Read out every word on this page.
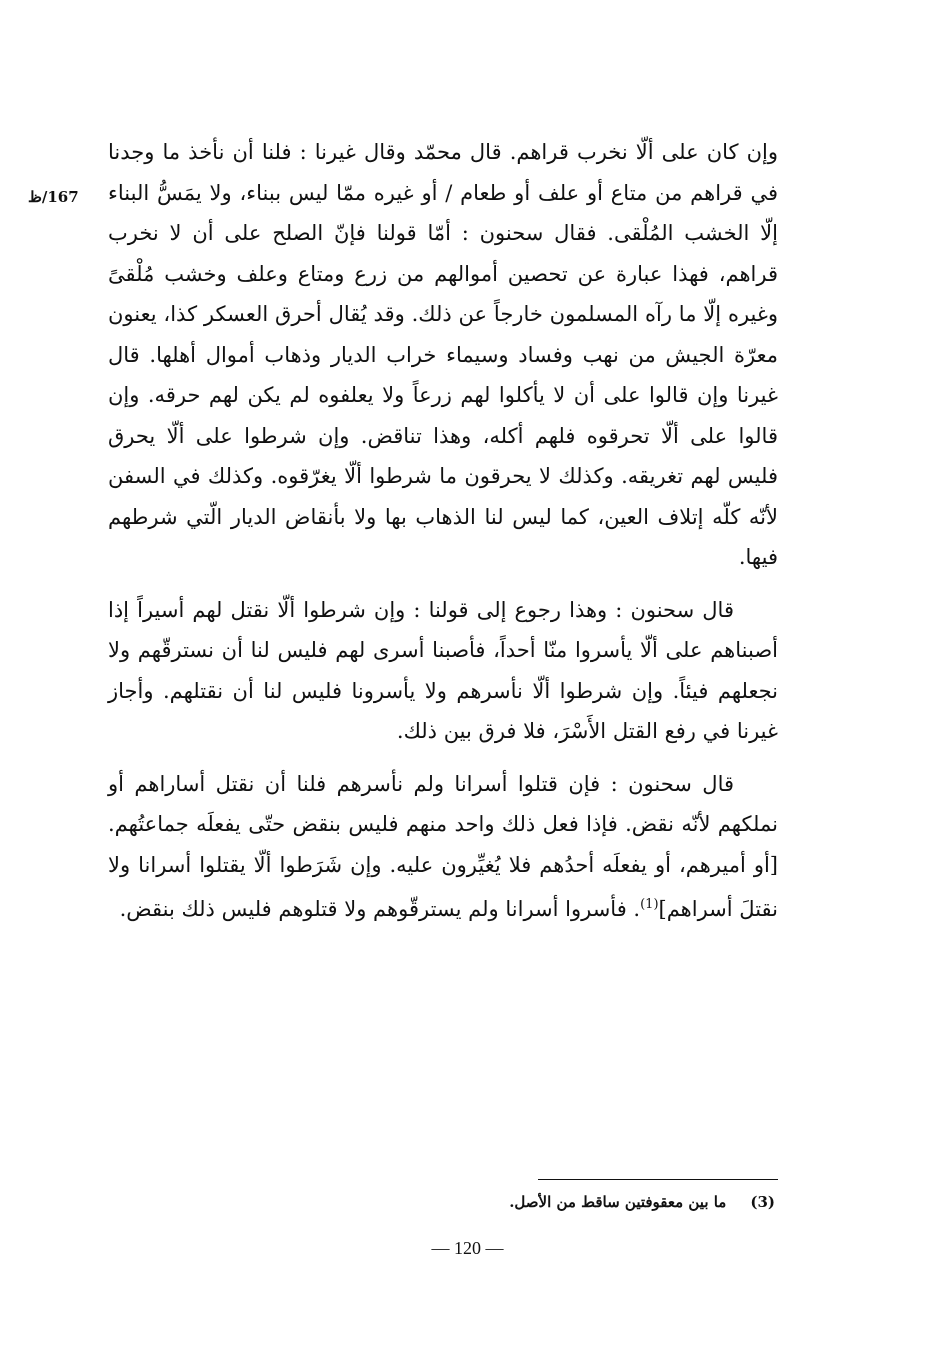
167/ظ

وإن كان على ألّا نخرب قراهم. قال محمّد وقال غيرنا : فلنا أن نأخذ ما وجدنا في قراهم من متاع أو علف أو طعام / أو غيره ممّا ليس ببناء، ولا يمَسُّ البناء إلّا الخشب المُلْقى. فقال سحنون : أمّا قولنا فإنّ الصلح على أن لا نخرب قراهم، فهذا عبارة عن تحصين أموالهم من زرع ومتاع وعلف وخشب مُلْقىً وغيره إلّا ما رآه المسلمون خارجاً عن ذلك. وقد يُقال أحرق العسكر كذا، يعنون معرّة الجيش من نهب وفساد وسيماء خراب الديار وذهاب أموال أهلها. قال غيرنا وإن قالوا على أن لا يأكلوا لهم زرعاً ولا يعلفوه لم يكن لهم حرقه. وإن قالوا على ألّا تحرقوه فلهم أكله، وهذا تناقض. وإن شرطوا على ألّا يحرق فليس لهم تغريقه. وكذلك لا يحرقون ما شرطوا ألّا يغرّقوه. وكذلك في السفن لأنّه كلّه إتلاف العين، كما ليس لنا الذهاب بها ولا بأنقاض الديار الّتي شرطهم فيها.

قال سحنون : وهذا رجوع إلى قولنا : وإن شرطوا ألّا نقتل لهم أسيراً إذا أصبناهم على ألّا يأسروا منّا أحداً، فأصبنا أسرى لهم فليس لنا أن نسترقّهم ولا نجعلهم فيئاً. وإن شرطوا ألّا نأسرهم ولا يأسرونا فليس لنا أن نقتلهم. وأجاز غيرنا في رفع القتل الأَسْرَ، فلا فرق بين ذلك.

قال سحنون : فإن قتلوا أسرانا ولم نأسرهم فلنا أن نقتل أساراهم أو نملكهم لأنّه نقض. فإذا فعل ذلك واحد منهم فليس بنقض حتّى يفعلَه جماعتُهم. [أو أميرهم، أو يفعلَه أحدُهم فلا يُغيِّرون عليه. وإن شَرَطوا ألّا يقتلوا أسرانا ولا نقتلَ أسراهم]$^{(1)}$. فأسروا أسرانا ولم يسترقّوهم ولا قتلوهم فليس ذلك بنقض.

(3)ما بين معقوفتين ساقط من الأصل.
— 120 —
